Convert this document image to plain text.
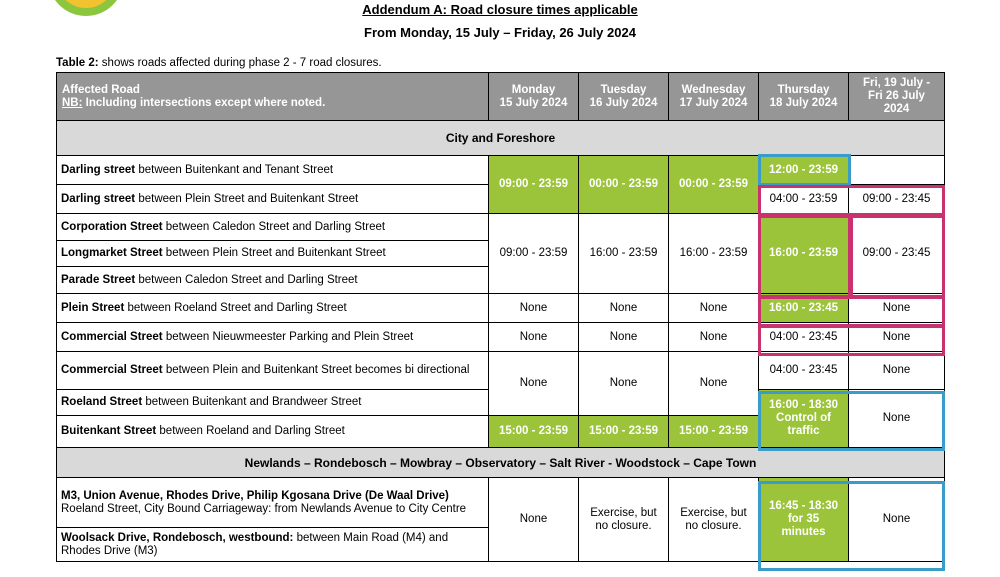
Addendum A: Road closure times applicable
From Monday, 15 July – Friday, 26 July 2024
Table 2: shows roads affected during phase 2 - 7 road closures.
Affected Road
NB: Including intersections except where noted.	Monday
15 July 2024	Tuesday
16 July 2024	Wednesday
17 July 2024	Thursday
18 July 2024	Fri, 19 July -
Fri 26 July
2024
City and Foreshore					
Darling street between Buitenkant and Tenant Street	09:00 - 23:59	00:00 - 23:59	00:00 - 23:59	12:00 - 23:59	
Darling street between Plein Street and Buitenkant Street				04:00 - 23:59	09:00 - 23:45
Corporation Street between Caledon Street and Darling Street	09:00 - 23:59	16:00 - 23:59	16:00 - 23:59	16:00 - 23:59	09:00 - 23:45
Longmarket Street between Plein Street and Buitenkant Street					
Parade Street between Caledon Street and Darling Street					
Plein Street between Roeland Street and Darling Street	None	None	None	16:00 - 23:45	None
Commercial Street between Nieuwmeester Parking and Plein Street	None	None	None	04:00 - 23:45	None
Commercial Street between Plein and Buitenkant Street becomes bi directional	None	None	None	04:00 - 23:45	None
Roeland Street between Buitenkant and Brandweer Street				16:00 - 18:30
Control of
traffic	None
Buitenkant Street between Roeland and Darling Street	15:00 - 23:59	15:00 - 23:59	15:00 - 23:59		
Newlands – Rondebosch – Mowbray – Observatory – Salt River - Woodstock – Cape Town					
M3, Union Avenue, Rhodes Drive, Philip Kgosana Drive (De Waal Drive) Roeland Street, City Bound Carriageway: from Newlands Avenue to City Centre	None	Exercise, but
no closure.	Exercise, but
no closure.	16:45 - 18:30
for 35
minutes	None
Woolsack Drive, Rondebosch, westbound: between Main Road (M4) and Rhodes Drive (M3)					
